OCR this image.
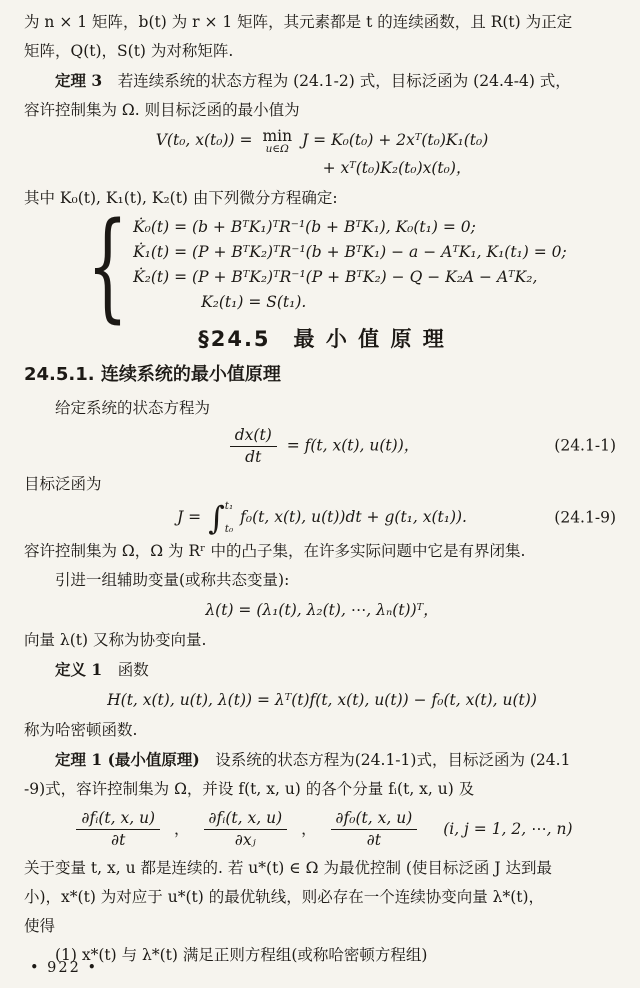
为 n × 1 矩阵，b(t) 为 r × 1 矩阵，其元素都是 t 的连续函数，且 R(t) 为正定
矩阵，Q(t)，S(t) 为对称矩阵.
定理 3　若连续系统的状态方程为 (24.1-2) 式，目标泛函为 (24.4-4) 式，
容许控制集为 Ω. 则目标泛函的最小值为
V(t₀, x(t₀)) = min
u∈Ω J = K₀(t₀) + 2xᵀ(t₀)K₁(t₀)
+ xᵀ(t₀)K₂(t₀)x(t₀)，
其中 K₀(t), K₁(t), K₂(t) 由下列微分方程确定:
{ K̇₀(t) = (b + BᵀK₁)ᵀR⁻¹(b + BᵀK₁), K₀(t₁) = 0;
K̇₁(t) = (P + BᵀK₂)ᵀR⁻¹(b + BᵀK₁) − a − AᵀK₁, K₁(t₁) = 0;
K̇₂(t) = (P + BᵀK₂)ᵀR⁻¹(P + BᵀK₂) − Q − K₂A − AᵀK₂,
K₂(t₁) = S(t₁).
§24.5　最 小 值 原 理
24.5.1. 连续系统的最小值原理
给定系统的状态方程为
$\frac{dx(t)}{dt} = f(t$, x(t), u(t))，	(24.1-1)
目标泛函为
J = ∫ t₁
t₀
f₀(t, x(t), u(t))dt + g(t₁, x(t₁)).	(24.1-9)
容许控制集为 Ω，Ω 为 Rʳ 中的凸子集，在许多实际问题中它是有界闭集.
　　引进一组辅助变量(或称共态变量):
λ(t) = (λ₁(t), λ₂(t), ⋯, λₙ(t))ᵀ，
向量 λ(t) 又称为协变向量.
定义 1　函数
H(t, x(t), u(t), λ(t)) = λᵀ(t)f(t, x(t), u(t)) − f₀(t, x(t), u(t))
称为哈密顿函数.
定理 1 (最小值原理)　设系统的状态方程为(24.1-1)式，目标泛函为 (24.1
-9)式，容许控制集为 Ω，并设 f(t, x, u) 的各个分量 fᵢ(t, x, u) 及
$\frac{\text{∂fᵢ(t, x, u)}}{\partial t}$ ， $\frac{\text{∂fᵢ(t, x, u)}}{\text{∂xⱼ}}$ ， $\frac{\text{∂f₀(t, x, u)}}{\partial t} (i$, j = 1, 2, ⋯, n)
关于变量 t, x, u 都是连续的. 若 u*(t) ∈ Ω 为最优控制 (使目标泛函 J 达到最
小)，x*(t) 为对应于 u*(t) 的最优轨线，则必存在一个连续协变向量 λ*(t)，
使得
　　(1) x*(t) 与 λ*(t) 满足正则方程组(或称哈密顿方程组)
• 922 •
